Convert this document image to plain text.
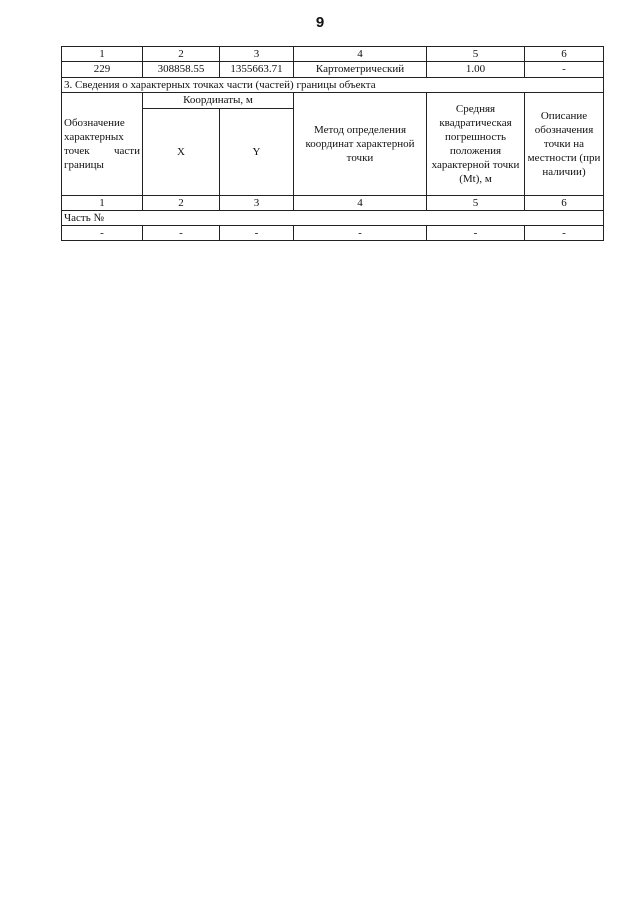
9
1	2	3	4	5	6
229	308858.55	1355663.71	Картометрический	1.00	-
3. Сведения о характерных точках части (частей) границы объекта					
Обозначение характерных точек части границы	Координаты, м		Метод определения координат характерной точки	Средняя квадратическая погрешность положения характерной точки (Mt), м	Описание обозначения точки на местности (при наличии)
	X	Y			
1	2	3	4	5	6
Часть №					
-	-	-	-	-	-
